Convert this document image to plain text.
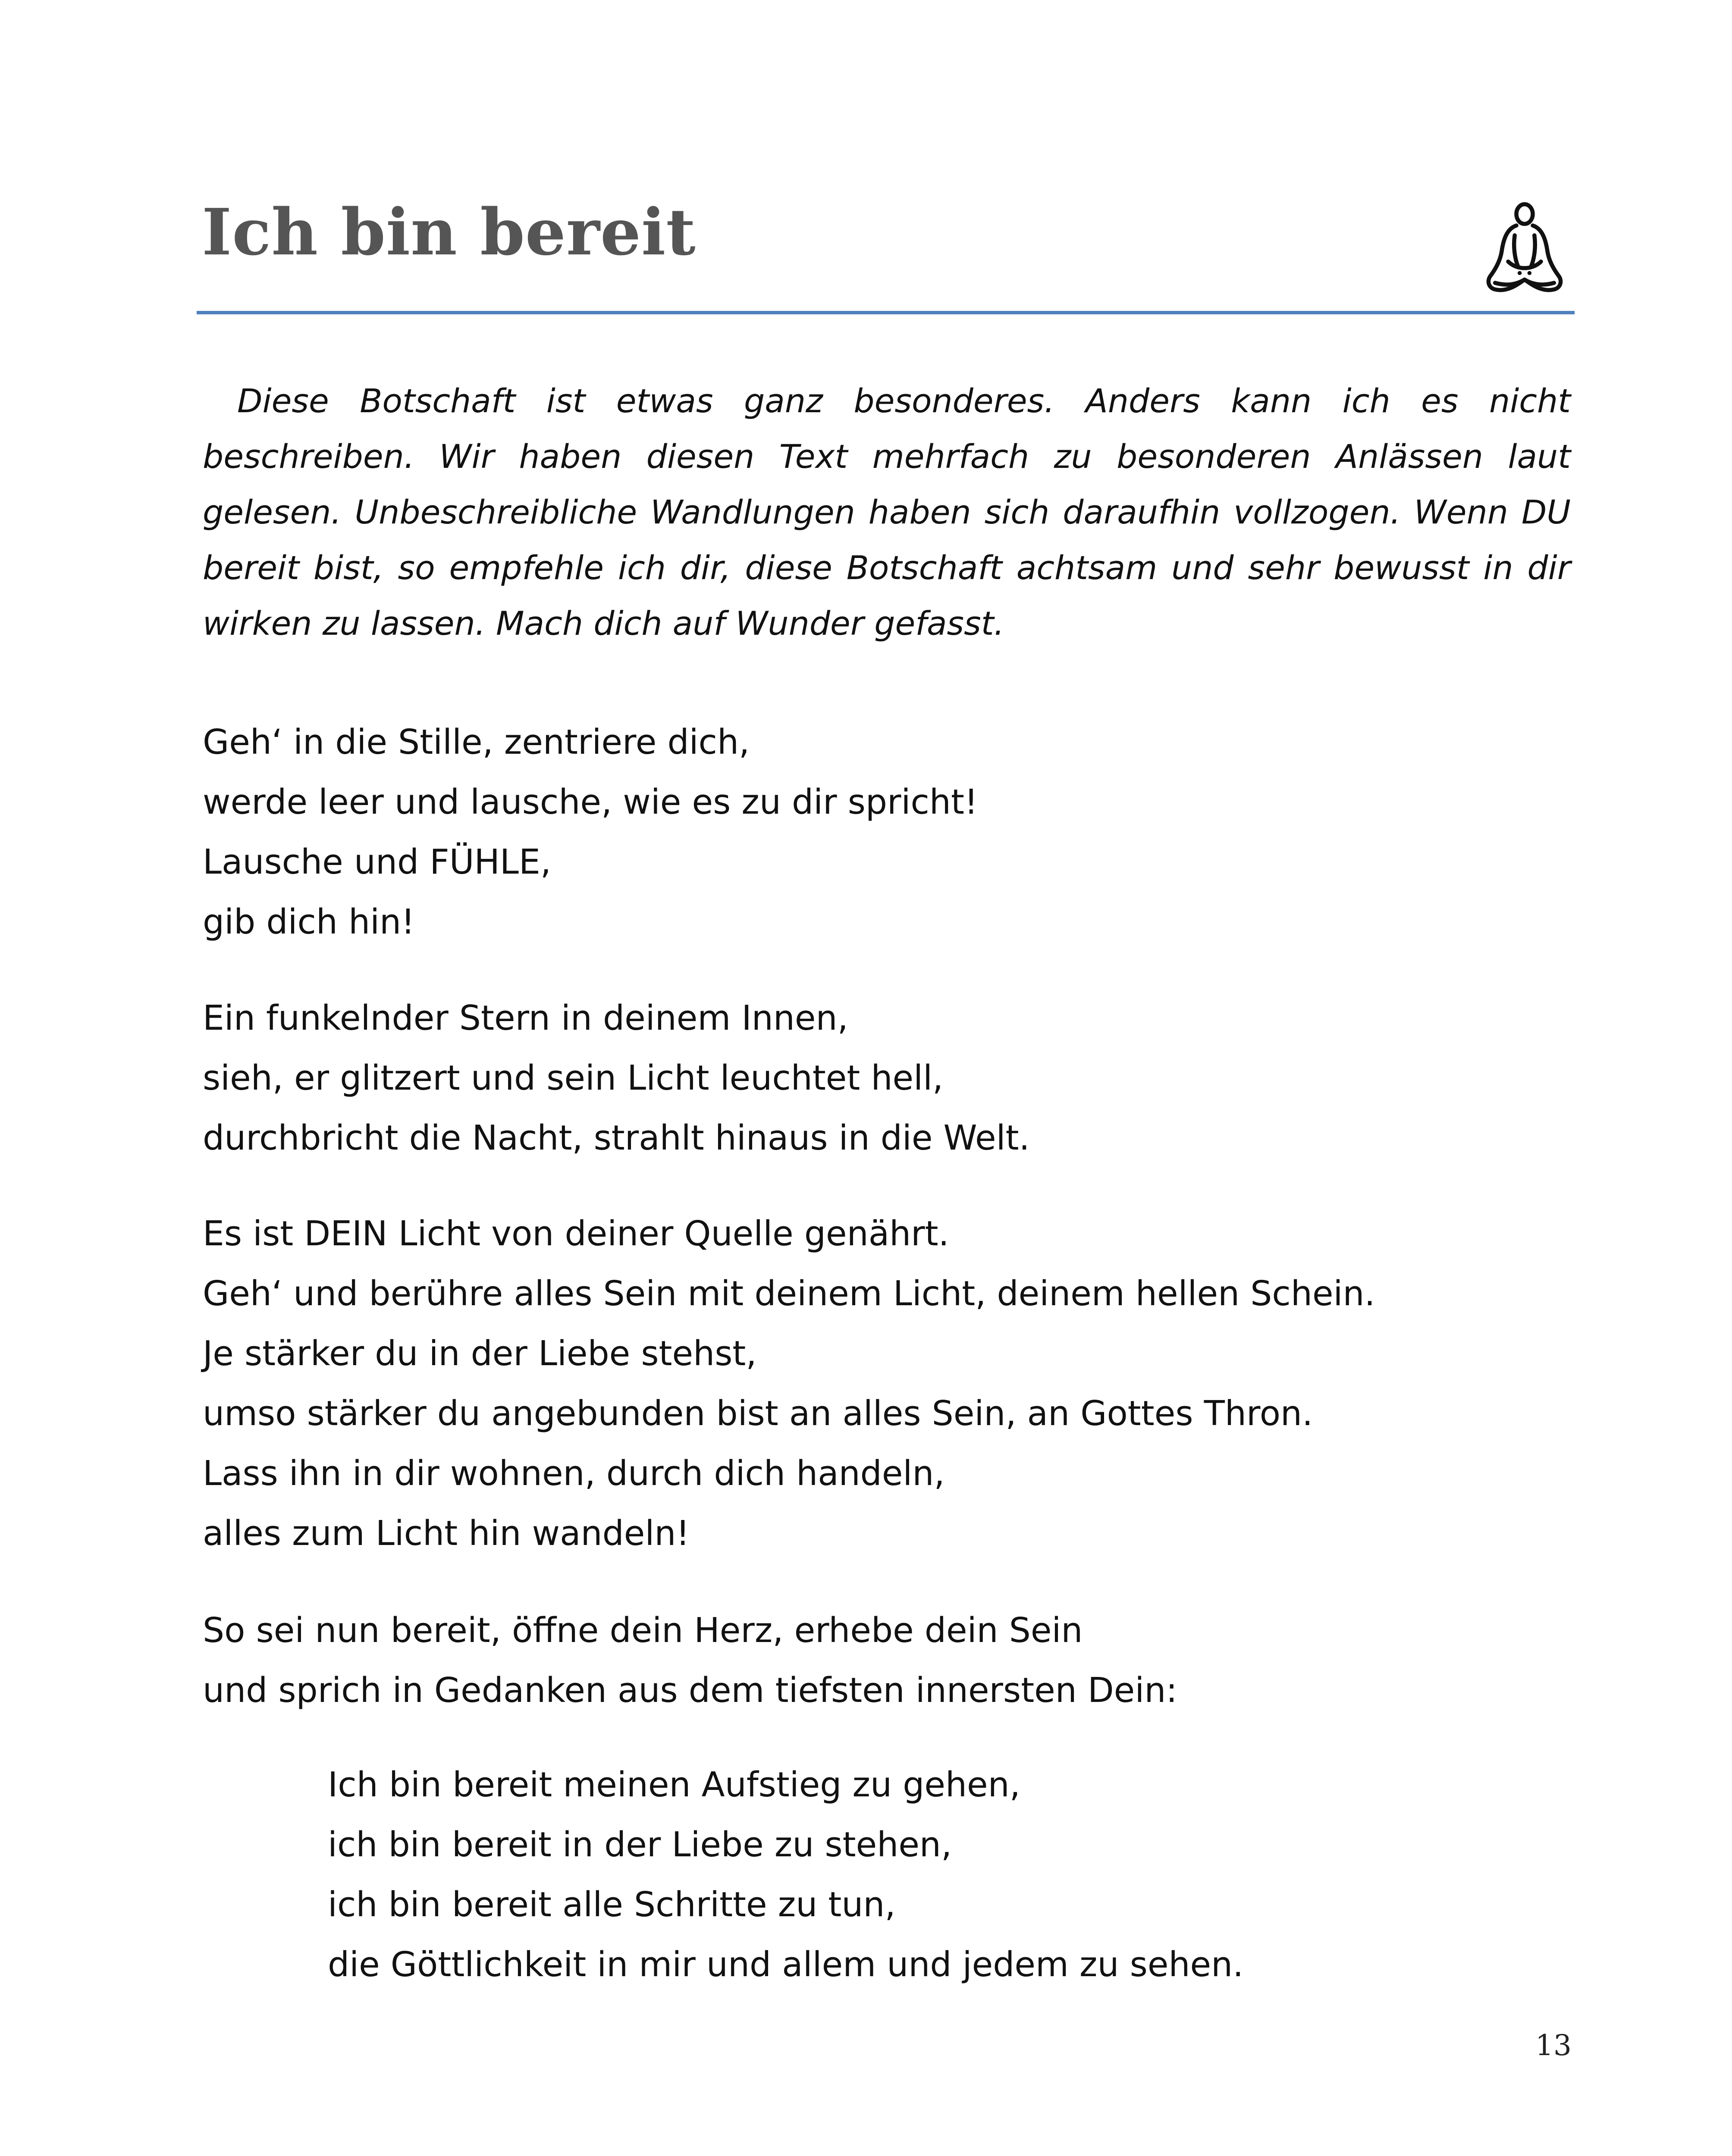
Ich bin bereit

Diese Botschaft ist etwas ganz besonderes. Anders kann ich es nicht beschreiben. Wir haben diesen Text mehrfach zu besonderen Anlässen laut gelesen. Unbeschreibliche Wandlungen haben sich daraufhin vollzogen. Wenn DU bereit bist, so empfehle ich dir, diese Botschaft achtsam und sehr bewusst in dir wirken zu lassen. Mach dich auf Wunder gefasst.

Geh‘ in die Stille, zentriere dich,
werde leer und lausche, wie es zu dir spricht!
Lausche und FÜHLE,
gib dich hin!
Ein funkelnder Stern in deinem Innen,
sieh, er glitzert und sein Licht leuchtet hell,
durchbricht die Nacht, strahlt hinaus in die Welt.
Es ist DEIN Licht von deiner Quelle genährt.
Geh‘ und berühre alles Sein mit deinem Licht, deinem hellen Schein.
Je stärker du in der Liebe stehst,
umso stärker du angebunden bist an alles Sein, an Gottes Thron.
Lass ihn in dir wohnen, durch dich handeln,
alles zum Licht hin wandeln!
So sei nun bereit, öffne dein Herz, erhebe dein Sein
und sprich in Gedanken aus dem tiefsten innersten Dein:
Ich bin bereit meinen Aufstieg zu gehen,
ich bin bereit in der Liebe zu stehen,
ich bin bereit alle Schritte zu tun,
die Göttlichkeit in mir und allem und jedem zu sehen.
13
